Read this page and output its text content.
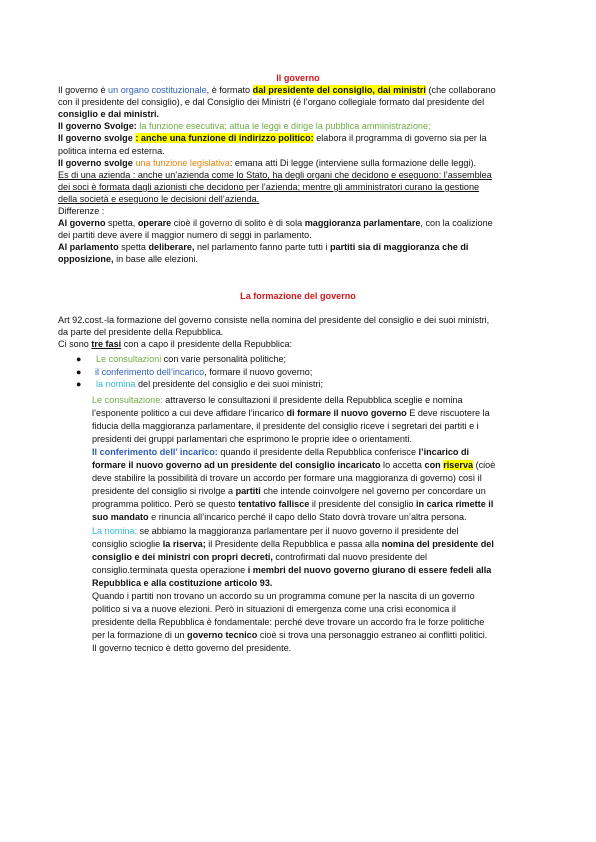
Il governo
Il governo è un organo costituzionale, è formato dal presidente del consiglio, dai ministri (che collaborano
con il presidente del consiglio), e dal Consiglio dei Ministri (è l’organo collegiale formato dal presidente del
consiglio e dai ministri.
Il governo Svolge: la funzione esecutiva; attua le leggi e dirige la pubblica amministrazione;
Il governo svolge : anche una funzione di indirizzo politico: elabora il programma di governo sia per la
politica interna ed esterna.
Il governo svolge una funzione legislativa: emana atti Di legge (interviene sulla formazione delle leggi).
Es di una azienda : anche un’azienda come lo Stato, ha degli organi che decidono e eseguono: l’assemblea
dei soci è formata dagli azionisti che decidono per l’azienda; mentre gli amministratori curano la gestione
della società e eseguono le decisioni dell’azienda.
Differenze :
Al governo spetta, operare cioè il governo di solito è di sola maggioranza parlamentare, con la coalizione
dei partiti deve avere il maggior numero di seggi in parlamento.
Al parlamento spetta deliberare, nel parlamento fanno parte tutti i partiti sia di maggioranza che di
opposizione, in base alle elezioni.
La formazione del governo
Art 92.cost.-la formazione del governo consiste nella nomina del presidente del consiglio e dei suoi ministri,
da parte del presidente della Repubblica.
Ci sono tre fasi con a capo il presidente della Repubblica:
● Le consultazioni con varie personalità politiche;
● il conferimento dell’incarico, formare il nuovo governo;
● la nomina del presidente del consiglio e dei suoi ministri;
Le consultazione: attraverso le consultazioni il presidente della Repubblica sceglie e nomina
l’esponente politico a cui deve affidare l’incarico di formare il nuovo governo E deve riscuotere la
fiducia della maggioranza parlamentare, il presidente del consiglio riceve i segretari dei partiti e i
presidenti dei gruppi parlamentari che esprimono le proprie idee o orientamenti.
Il conferimento dell’ incarico: quando il presidente della Repubblica conferisce l’incarico di
formare il nuovo governo ad un presidente del consiglio incaricato lo accetta con riserva (cioè
deve stabilire la possibilità di trovare un accordo per formare una maggioranza di governo) così il
presidente del consiglio si rivolge a partiti che intende coinvolgere nel governo per concordare un
programma politico. Però se questo tentativo fallisce il presidente del consiglio in carica rimette il
suo mandato e rinuncia all’incarico perché il capo dello Stato dovrà trovare un’altra persona.
La nomina: se abbiamo la maggioranza parlamentare per il nuovo governo il presidente del
consiglio scioglie la riserva; il Presidente della Repubblica e passa alla nomina del presidente del
consiglio e dei ministri con propri decreti, controfirmati dal nuovo presidente del
consiglio.terminata questa operazione i membri del nuovo governo giurano di essere fedeli alla
Repubblica e alla costituzione articolo 93.
Quando i partiti non trovano un accordo su un programma comune per la nascita di un governo
politico si va a nuove elezioni. Però in situazioni di emergenza come una crisi economica il
presidente della Repubblica è fondamentale: perché deve trovare un accordo fra le forze politiche
per la formazione di un governo tecnico cioè si trova una personaggio estraneo ai conflitti politici.
Il governo tecnico è detto governo del presidente.
